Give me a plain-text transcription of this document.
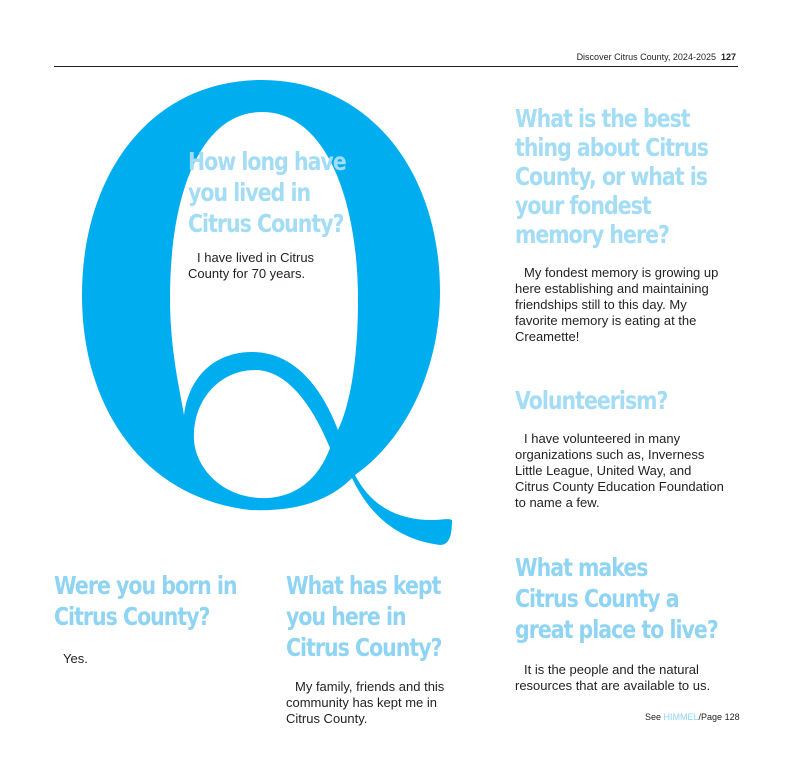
Discover Citrus County, 2024-2025 127
How long have
you lived in
Citrus County?

I have lived in Citrus County for 70 years.

What is the best
thing about Citrus
County, or what is
your fondest
memory here?

My fondest memory is growing up here establishing and maintaining friendships still to this day. My favorite memory is eating at the Creamette!

Volunteerism?

I have volunteered in many organizations such as, Inverness Little League, United Way, and Citrus County Education Foundation to name a few.

Were you born in
Citrus County?

Yes.

What has kept
you here in
Citrus County?

My family, friends and this community has kept me in Citrus County.

What makes
Citrus County a
great place to live?

It is the people and the natural resources that are available to us.

See HIMMEL/Page 128
